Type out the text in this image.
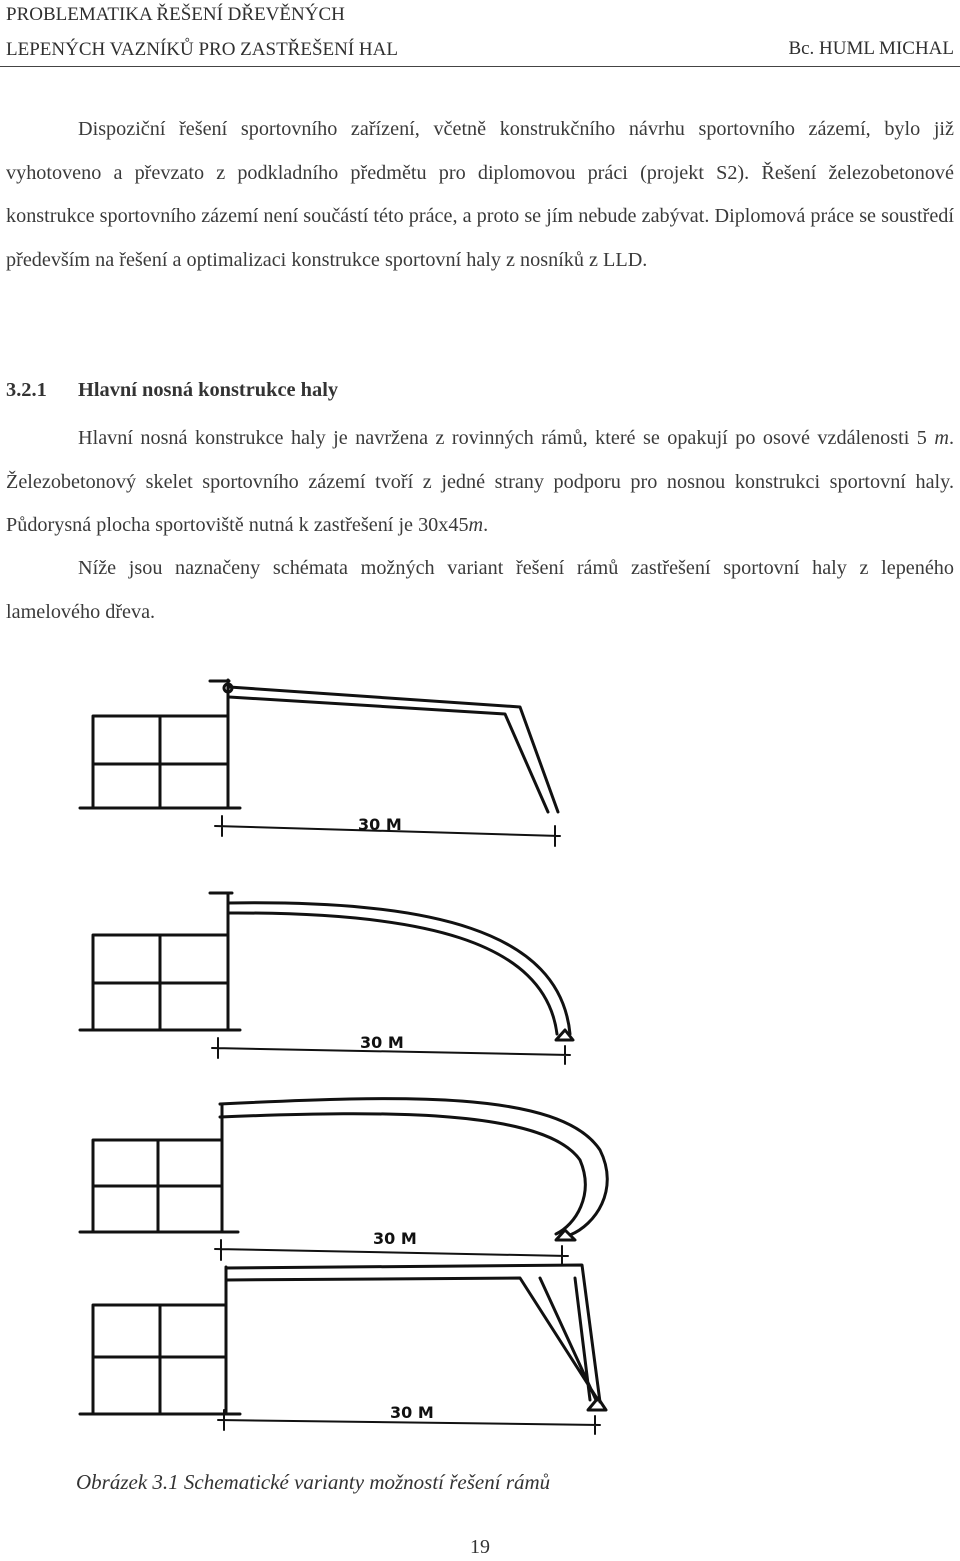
PROBLEMATIKA ŘEŠENÍ DŘEVĚNÝCH
LEPENÝCH VAZNÍKŮ PRO ZASTŘEŠENÍ HAL	Bc. HUML MICHAL

Dispoziční řešení sportovního zařízení, včetně konstrukčního návrhu sportovního zázemí, bylo již vyhotoveno a převzato z podkladního předmětu pro diplomovou práci (projekt S2). Řešení železobetonové konstrukce sportovního zázemí není součástí této práce, a proto se jím nebude zabývat. Diplomová práce se soustředí především na řešení a optimalizaci konstrukce sportovní haly z nosníků z LLD.

3.2.1 Hlavní nosná konstrukce haly

Hlavní nosná konstrukce haly je navržena z rovinných rámů, které se opakují po osové vzdálenosti 5 m. Železobetonový skelet sportovního zázemí tvoří z jedné strany podporu pro nosnou konstrukci sportovní haly. Půdorysná plocha sportoviště nutná k zastřešení je 30x45m.

Níže jsou naznačeny schémata možných variant řešení rámů zastřešení sportovní haly z lepeného lamelového dřeva.

30 M
30 M
30 M
30 M
Obrázek 3.1 Schematické varianty možností řešení rámů
19
